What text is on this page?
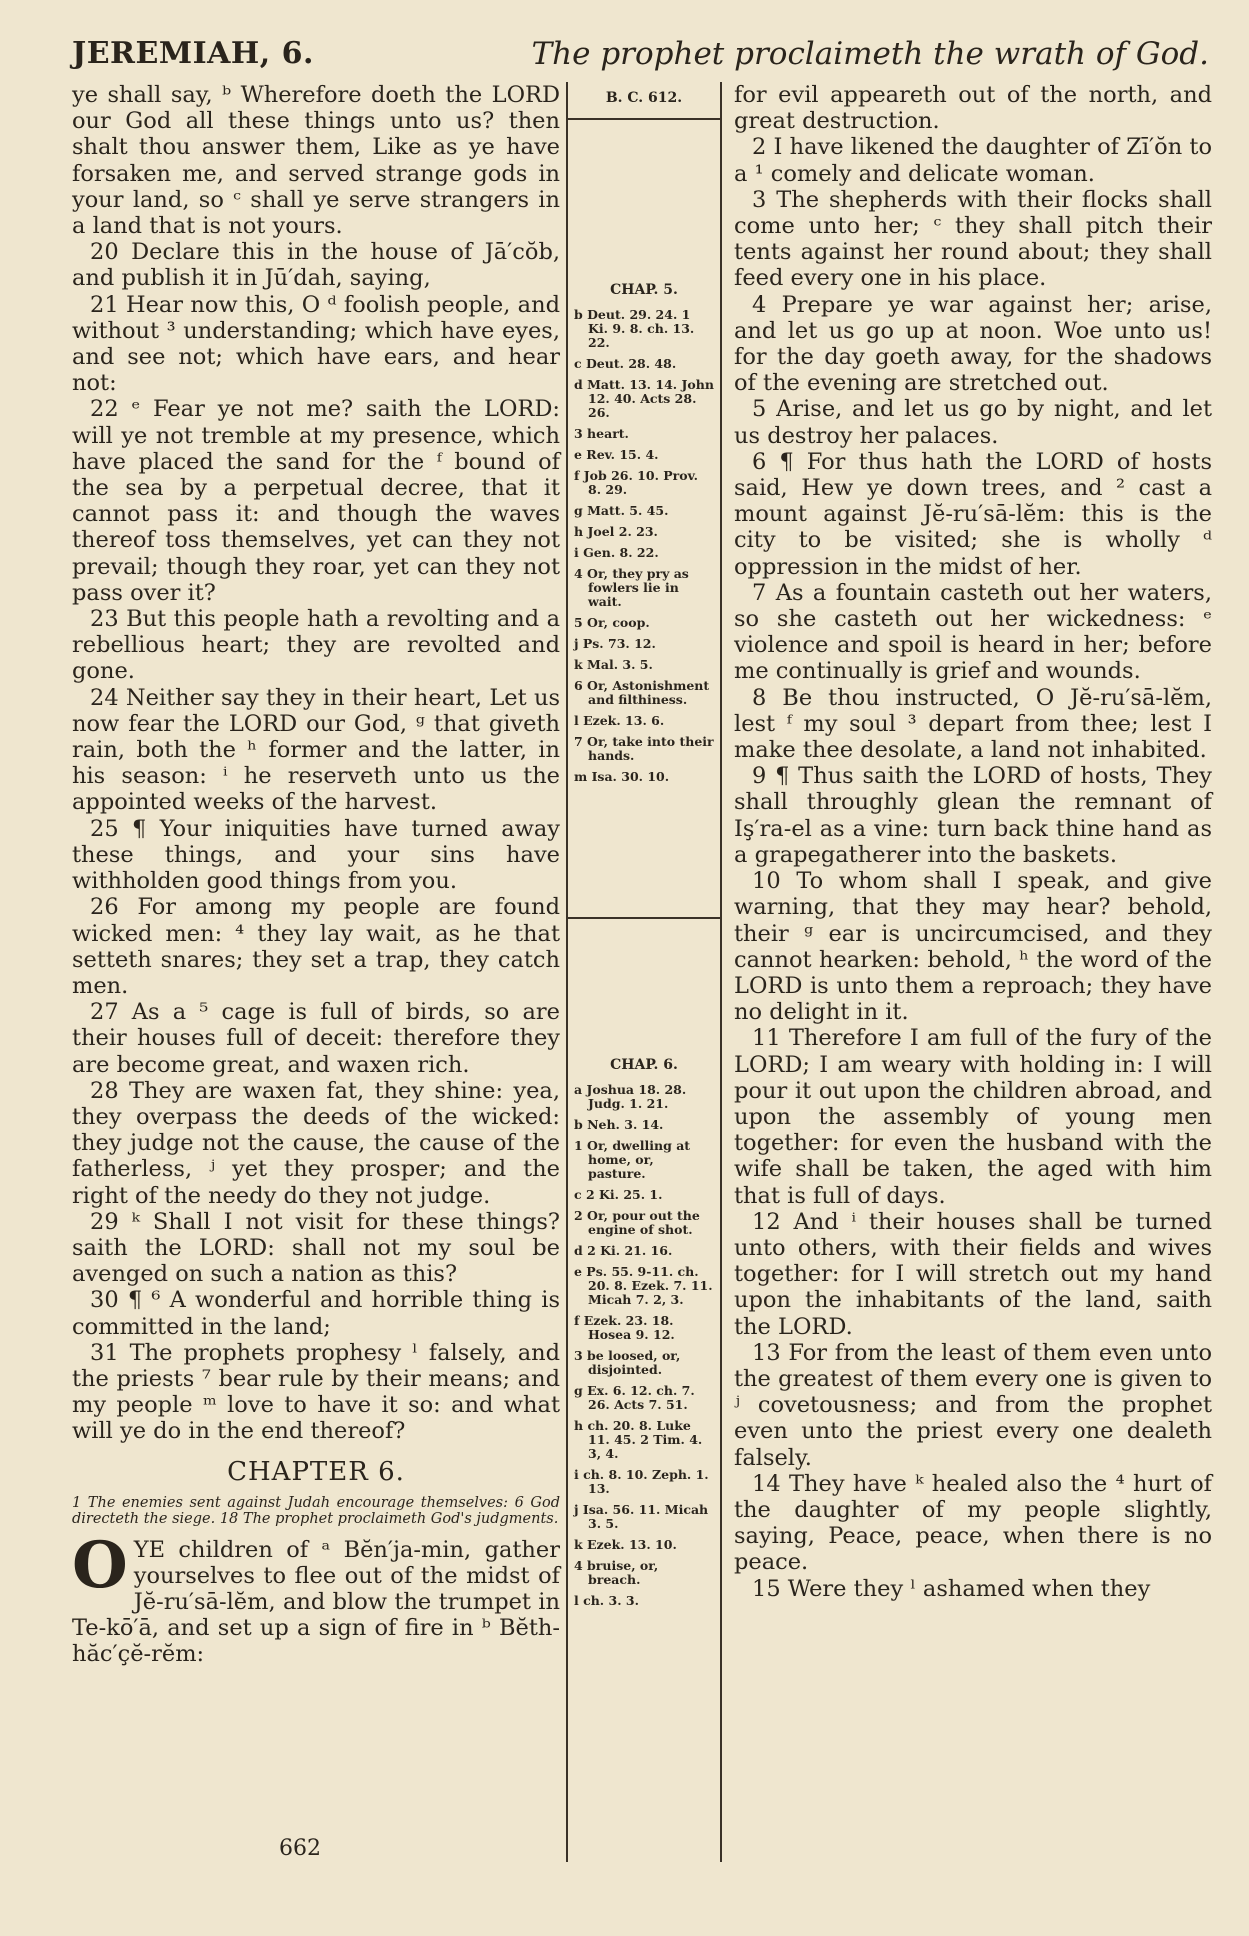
JEREMIAH, 6.	The prophet proclaimeth the wrath of God.

ye shall say, ᵇ Wherefore doeth the LORD our God all these things unto us? then shalt thou answer them, Like as ye have forsaken me, and served strange gods in your land, so ᶜ shall ye serve strangers in a land that is not yours.

20 Declare this in the house of Jā′cŏb, and publish it in Jū′dah, saying,

21 Hear now this, O ᵈ foolish people, and without ³ understanding; which have eyes, and see not; which have ears, and hear not:

22 ᵉ Fear ye not me? saith the LORD: will ye not tremble at my presence, which have placed the sand for the ᶠ bound of the sea by a perpetual decree, that it cannot pass it: and though the waves thereof toss themselves, yet can they not prevail; though they roar, yet can they not pass over it?

23 But this people hath a revolting and a rebellious heart; they are revolted and gone.

24 Neither say they in their heart, Let us now fear the LORD our God, ᵍ that giveth rain, both the ʰ former and the latter, in his season: ⁱ he reserveth unto us the appointed weeks of the harvest.

25 ¶ Your iniquities have turned away these things, and your sins have withholden good things from you.

26 For among my people are found wicked men: ⁴ they lay wait, as he that setteth snares; they set a trap, they catch men.

27 As a ⁵ cage is full of birds, so are their houses full of deceit: therefore they are become great, and waxen rich.

28 They are waxen fat, they shine: yea, they overpass the deeds of the wicked: they judge not the cause, the cause of the fatherless, ʲ yet they prosper; and the right of the needy do they not judge.

29 ᵏ Shall I not visit for these things? saith the LORD: shall not my soul be avenged on such a nation as this?

30 ¶ ⁶ A wonderful and horrible thing is committed in the land;

31 The prophets prophesy ˡ falsely, and the priests ⁷ bear rule by their means; and my people ᵐ love to have it so: and what will ye do in the end thereof?

CHAPTER 6.
1 The enemies sent against Judah encourage themselves: 6 God directeth the siege. 18 The prophet proclaimeth God's judgments.

OYE children of ᵃ Bĕn′ja-min, gather yourselves to flee out of the midst of Jĕ-ru′sā-lĕm, and blow the trumpet in Te-kō′ā, and set up a sign of fire in ᵇ Bĕth-hăc′çĕ-rĕm:

B. C. 612.
CHAP. 5.
b Deut. 29. 24. 1 Ki. 9. 8. ch. 13. 22.
c Deut. 28. 48.
d Matt. 13. 14. John 12. 40. Acts 28. 26.
3 heart.
e Rev. 15. 4.
f Job 26. 10. Prov. 8. 29.
g Matt. 5. 45.
h Joel 2. 23.
i Gen. 8. 22.
4 Or, they pry as fowlers lie in wait.
5 Or, coop.
j Ps. 73. 12.
k Mal. 3. 5.
6 Or, Astonishment and filthiness.
l Ezek. 13. 6.
7 Or, take into their hands.
m Isa. 30. 10.
CHAP. 6.
a Joshua 18. 28. Judg. 1. 21.
b Neh. 3. 14.
1 Or, dwelling at home, or, pasture.
c 2 Ki. 25. 1.
2 Or, pour out the engine of shot.
d 2 Ki. 21. 16.
e Ps. 55. 9-11. ch. 20. 8. Ezek. 7. 11. Micah 7. 2, 3.
f Ezek. 23. 18. Hosea 9. 12.
3 be loosed, or, disjointed.
g Ex. 6. 12. ch. 7. 26. Acts 7. 51.
h ch. 20. 8. Luke 11. 45. 2 Tim. 4. 3, 4.
i ch. 8. 10. Zeph. 1. 13.
j Isa. 56. 11. Micah 3. 5.
k Ezek. 13. 10.
4 bruise, or, breach.
l ch. 3. 3.

for evil appeareth out of the north, and great destruction.

2 I have likened the daughter of Zī′ŏn to a ¹ comely and delicate woman.

3 The shepherds with their flocks shall come unto her; ᶜ they shall pitch their tents against her round about; they shall feed every one in his place.

4 Prepare ye war against her; arise, and let us go up at noon. Woe unto us! for the day goeth away, for the shadows of the evening are stretched out.

5 Arise, and let us go by night, and let us destroy her palaces.

6 ¶ For thus hath the LORD of hosts said, Hew ye down trees, and ² cast a mount against Jĕ-ru′sā-lĕm: this is the city to be visited; she is wholly ᵈ oppression in the midst of her.

7 As a fountain casteth out her waters, so she casteth out her wickedness: ᵉ violence and spoil is heard in her; before me continually is grief and wounds.

8 Be thou instructed, O Jĕ-ru′sā-lĕm, lest ᶠ my soul ³ depart from thee; lest I make thee desolate, a land not inhabited.

9 ¶ Thus saith the LORD of hosts, They shall throughly glean the remnant of Iş′ra-el as a vine: turn back thine hand as a grapegatherer into the baskets.

10 To whom shall I speak, and give warning, that they may hear? behold, their ᵍ ear is uncircumcised, and they cannot hearken: behold, ʰ the word of the LORD is unto them a reproach; they have no delight in it.

11 Therefore I am full of the fury of the LORD; I am weary with holding in: I will pour it out upon the children abroad, and upon the assembly of young men together: for even the husband with the wife shall be taken, the aged with him that is full of days.

12 And ⁱ their houses shall be turned unto others, with their fields and wives together: for I will stretch out my hand upon the inhabitants of the land, saith the LORD.

13 For from the least of them even unto the greatest of them every one is given to ʲ covetousness; and from the prophet even unto the priest every one dealeth falsely.

14 They have ᵏ healed also the ⁴ hurt of the daughter of my people slightly, saying, Peace, peace, when there is no peace.

15 Were they ˡ ashamed when they

662
